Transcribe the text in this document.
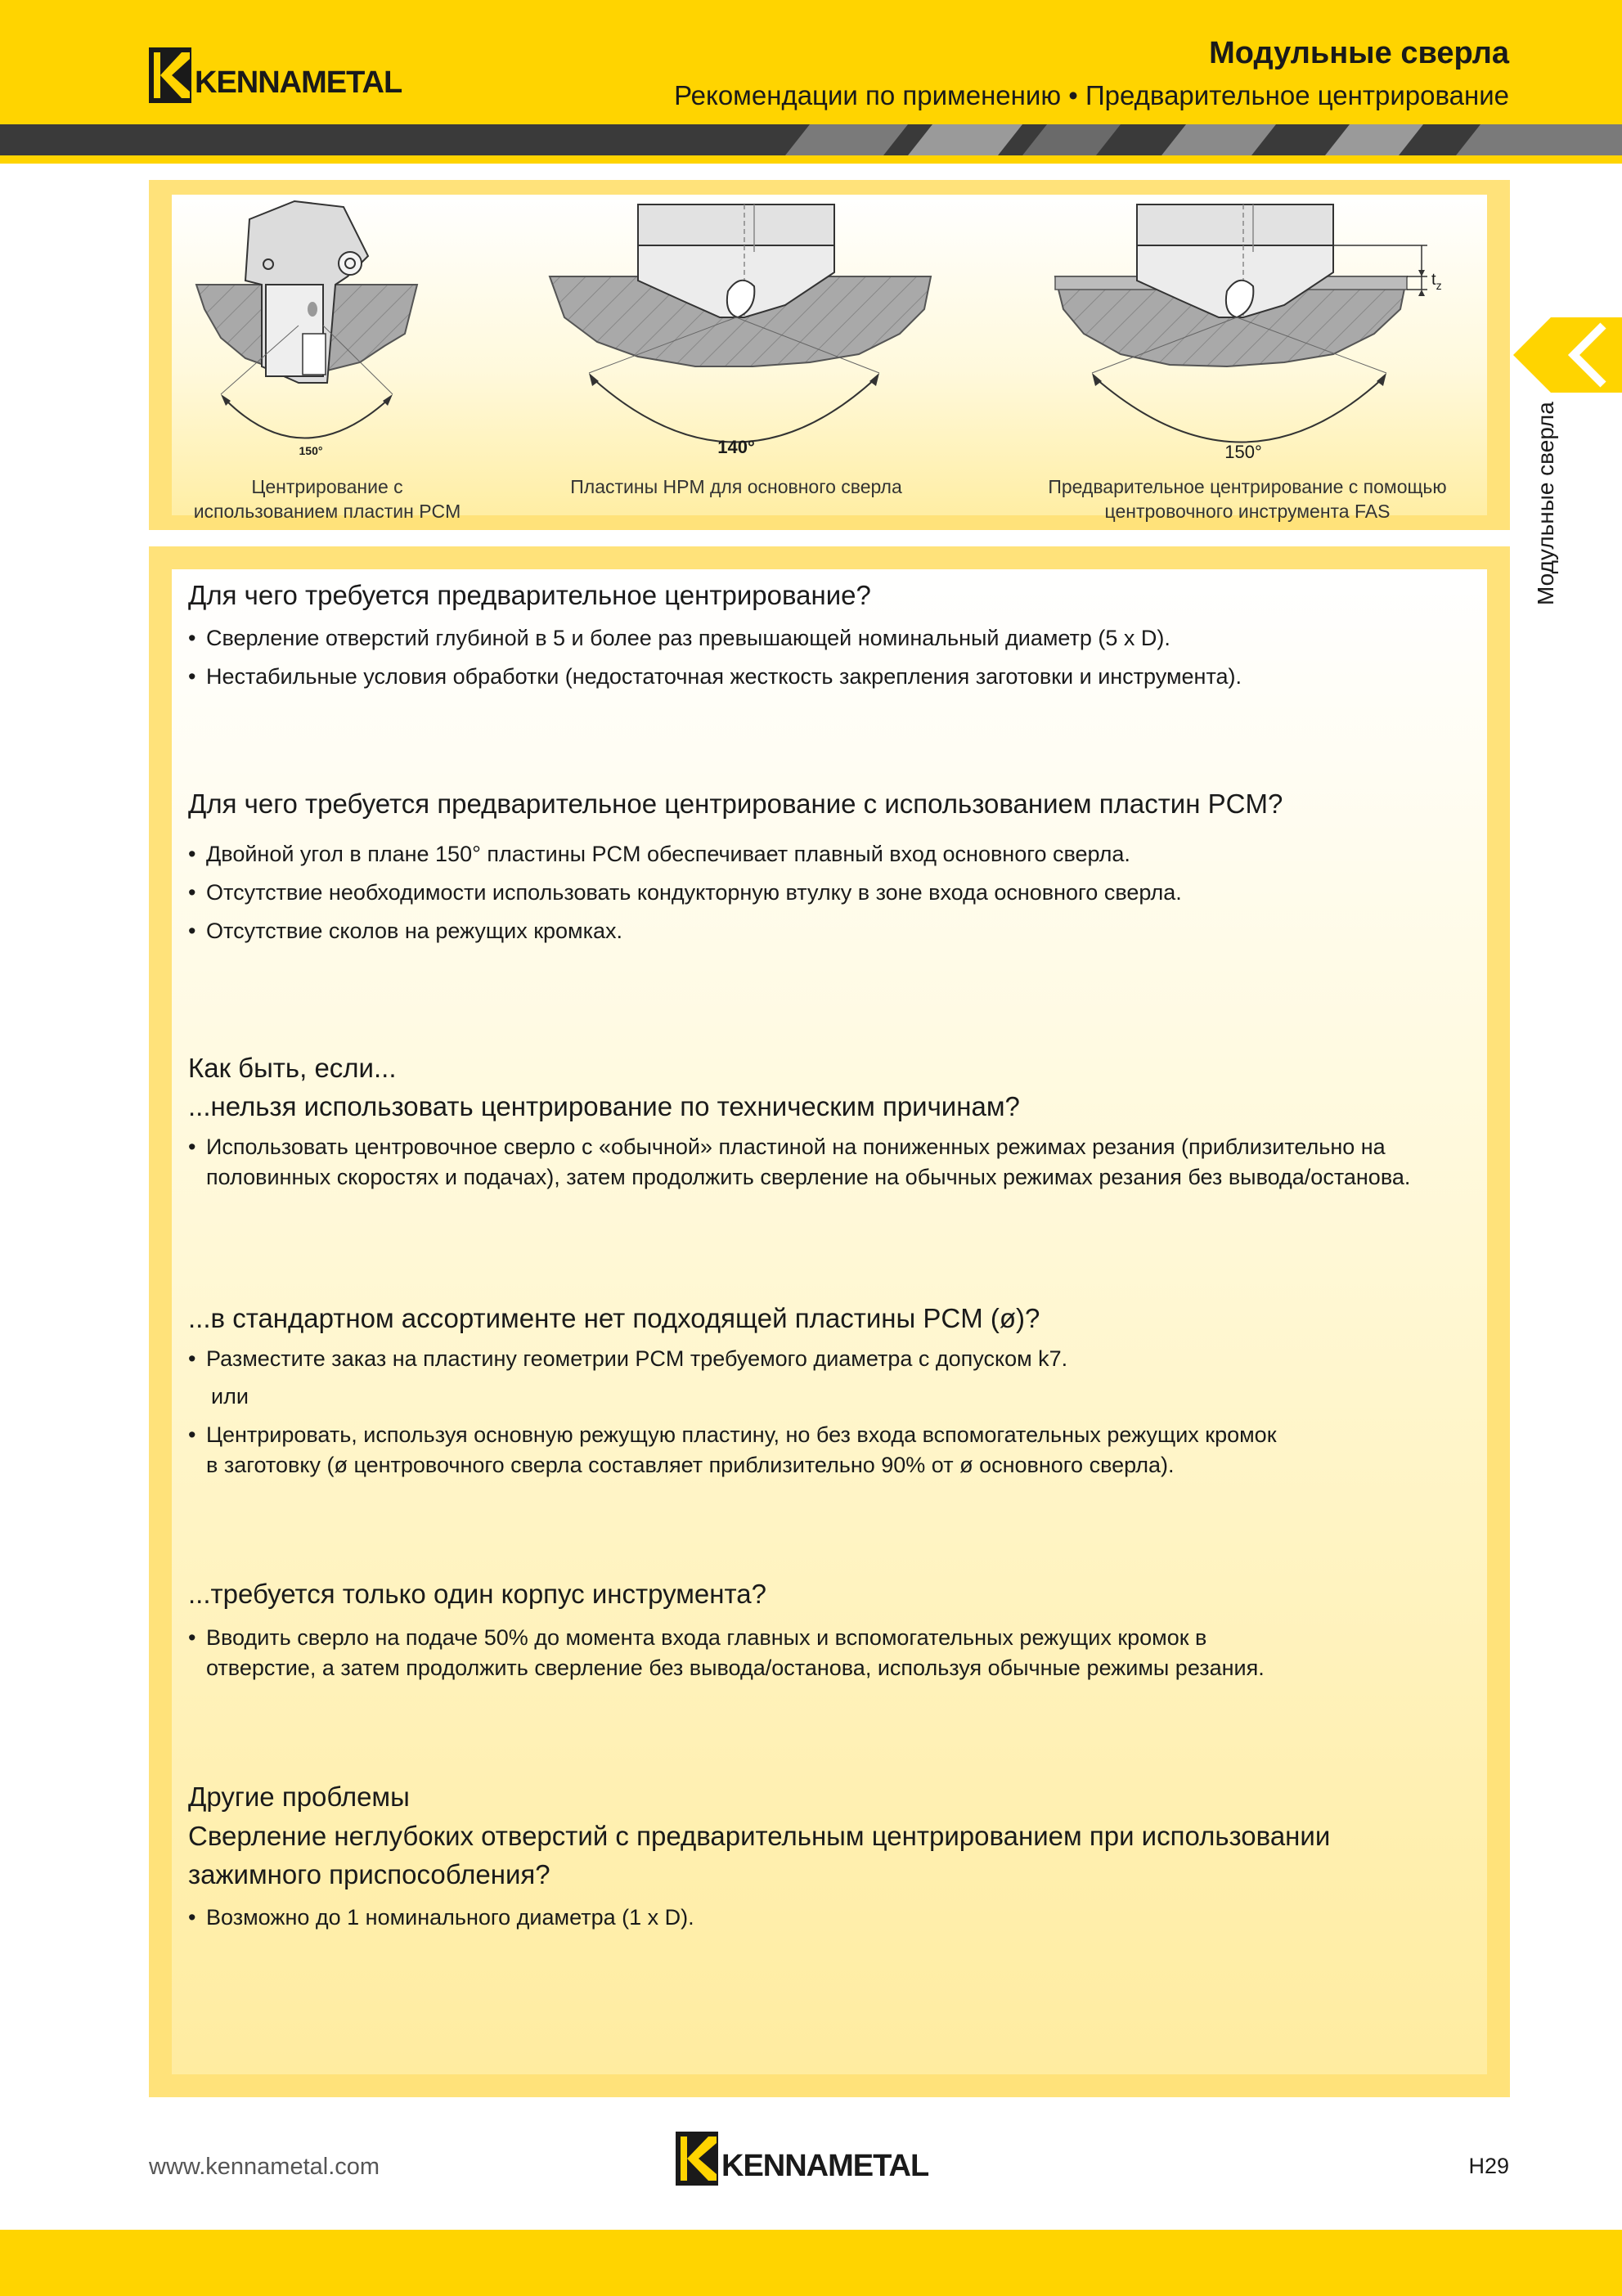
KENNAMETAL
Модульные сверла
Рекомендации по применению • Предварительное центрирование
Модульные сверла
150°	140°
$t_z$
150°
Центрирование с
использованием пластин PCM
Пластины HPM для основного сверла	Предварительное центрирование с помощью
центровочного инструмента FAS
Для чего требуется предварительное центрирование?
• Сверление отверстий глубиной в 5 и более раз превышающей номинальный диаметр (5 x D).
• Нестабильные условия обработки (недостаточная жесткость закрепления заготовки и инструмента).
Для чего требуется предварительное центрирование с использованием пластин PCM?
• Двойной угол в плане 150° пластины PCM обеспечивает плавный вход основного сверла.
• Отсутствие необходимости использовать кондукторную втулку в зоне входа основного сверла.
• Отсутствие сколов на режущих кромках.
Как быть, если...
...нельзя использовать центрирование по техническим причинам?
• Использовать центровочное сверло с «обычной» пластиной на пониженных режимах резания (приблизительно на
половинных скоростях и подачах), затем продолжить сверление на обычных режимах резания без вывода/останова.
...в стандартном ассортименте нет подходящей пластины PCM (ø)?
• Разместите заказ на пластину геометрии PCM требуемого диаметра с допуском k7.
или
• Центрировать, используя основную режущую пластину, но без входа вспомогательных режущих кромок
в заготовку (ø центровочного сверла составляет приблизительно 90% от ø основного сверла).
...требуется только один корпус инструмента?
• Вводить сверло на подаче 50% до момента входа главных и вспомогательных режущих кромок в
отверстие, а затем продолжить сверление без вывода/останова, используя обычные режимы резания.
Другие проблемы
Сверление неглубоких отверстий с предварительным центрированием при использовании
зажимного приспособления?
• Возможно до 1 номинального диаметра (1 x D).
www.kennametal.com	KENNAMETAL	H29
